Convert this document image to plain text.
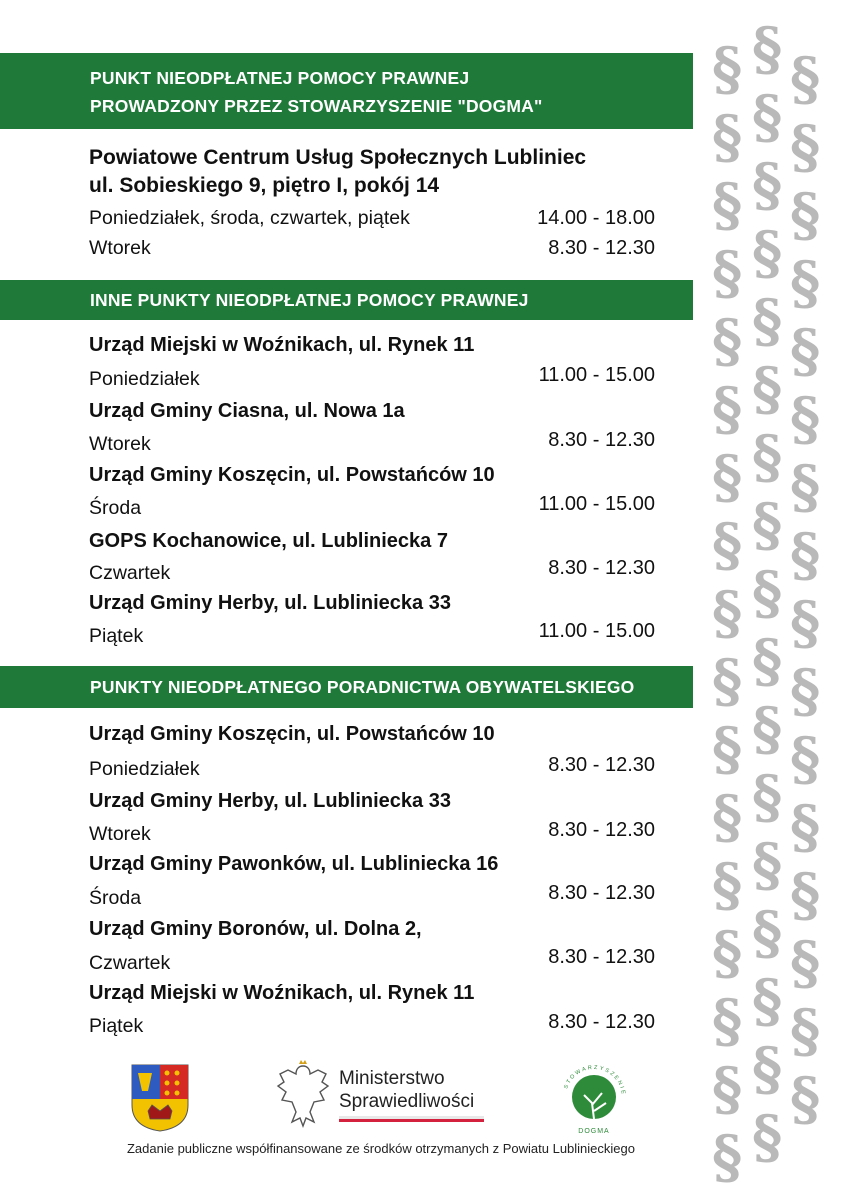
PUNKT NIEODPŁATNEJ POMOCY PRAWNEJ
PROWADZONY PRZEZ STOWARZYSZENIE "DOGMA"
Powiatowe Centrum Usług Społecznych Lubliniec
ul. Sobieskiego 9, piętro I, pokój 14
Poniedziałek, środa, czwartek, piątek	14.00 - 18.00
Wtorek	8.30 - 12.30
INNE PUNKTY NIEODPŁATNEJ POMOCY PRAWNEJ
Urząd Miejski w Woźnikach, ul. Rynek 11
Poniedziałek	11.00 - 15.00
Urząd Gminy Ciasna, ul. Nowa 1a
Wtorek	8.30 - 12.30
Urząd Gminy Koszęcin, ul. Powstańców 10
Środa	11.00 - 15.00
GOPS Kochanowice, ul. Lubliniecka 7
Czwartek	8.30 - 12.30
Urząd Gminy Herby, ul. Lubliniecka 33
Piątek	11.00 - 15.00
PUNKTY NIEODPŁATNEGO PORADNICTWA OBYWATELSKIEGO
Urząd Gminy Koszęcin, ul. Powstańców 10
Poniedziałek	8.30 - 12.30
Urząd Gminy Herby, ul. Lubliniecka 33
Wtorek	8.30 - 12.30
Urząd Gminy Pawonków, ul. Lubliniecka 16
Środa	8.30 - 12.30
Urząd Gminy Boronów, ul. Dolna 2,
Czwartek	8.30 - 12.30
Urząd Miejski w Woźnikach, ul. Rynek 11
Piątek	8.30 - 12.30
§ § §
§ § §
§ § §
§ § §
§ § §
§ § §
§ § §
§ § §
§ § §
§ § §
§ § §
§ § §
§ § §
§ § §
§ § §
§ § §
§ §
Ministerstwo
Sprawiedliwości
STOWARZYSZENIE
DOGMA
Zadanie publiczne współfinansowane ze środków otrzymanych z Powiatu Lublinieckiego
